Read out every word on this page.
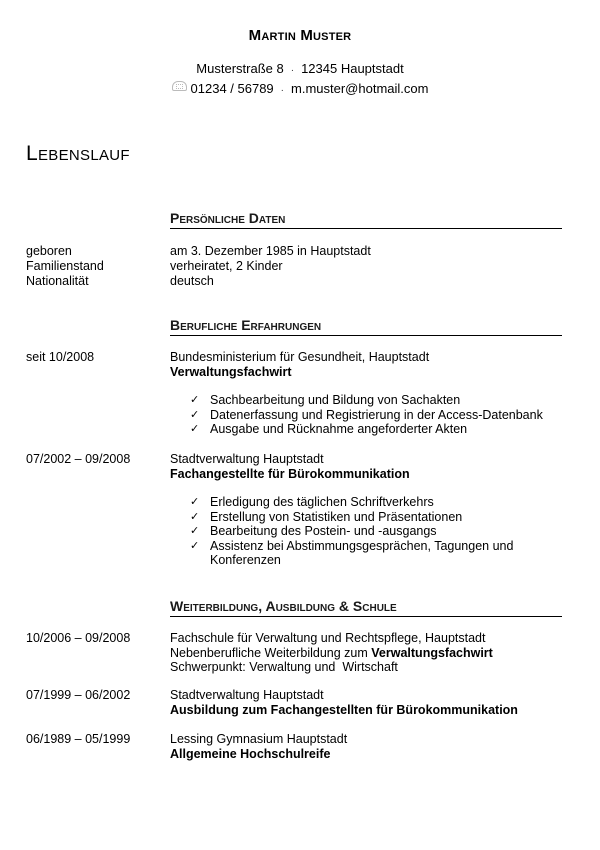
Martin Muster
Musterstraße 8 · 12345 Hauptstadt
01234 / 56789 · m.muster@hotmail.com
Lebenslauf
Persönliche Daten
geboren	am 3. Dezember 1985 in Hauptstadt
Familienstand	verheiratet, 2 Kinder
Nationalität	deutsch
Berufliche Erfahrungen
seit 10/2008	Bundesministerium für Gesundheit, Hauptstadt
Verwaltungsfachwirt
✓ Sachbearbeitung und Bildung von Sachakten
✓ Datenerfassung und Registrierung in der Access-Datenbank
✓ Ausgabe und Rücknahme angeforderter Akten
07/2002 – 09/2008	Stadtverwaltung Hauptstadt
Fachangestellte für Bürokommunikation
✓ Erledigung des täglichen Schriftverkehrs
✓ Erstellung von Statistiken und Präsentationen
✓ Bearbeitung des Postein- und -ausgangs
✓ Assistenz bei Abstimmungsgesprächen, Tagungen und
Konferenzen
Weiterbildung, Ausbildung & Schule
10/2006 – 09/2008	Fachschule für Verwaltung und Rechtspflege, Hauptstadt
Nebenberufliche Weiterbildung zum Verwaltungsfachwirt
Schwerpunkt: Verwaltung und  Wirtschaft
07/1999 – 06/2002	Stadtverwaltung Hauptstadt
Ausbildung zum Fachangestellten für Bürokommunikation
06/1989 – 05/1999	Lessing Gymnasium Hauptstadt
Allgemeine Hochschulreife
